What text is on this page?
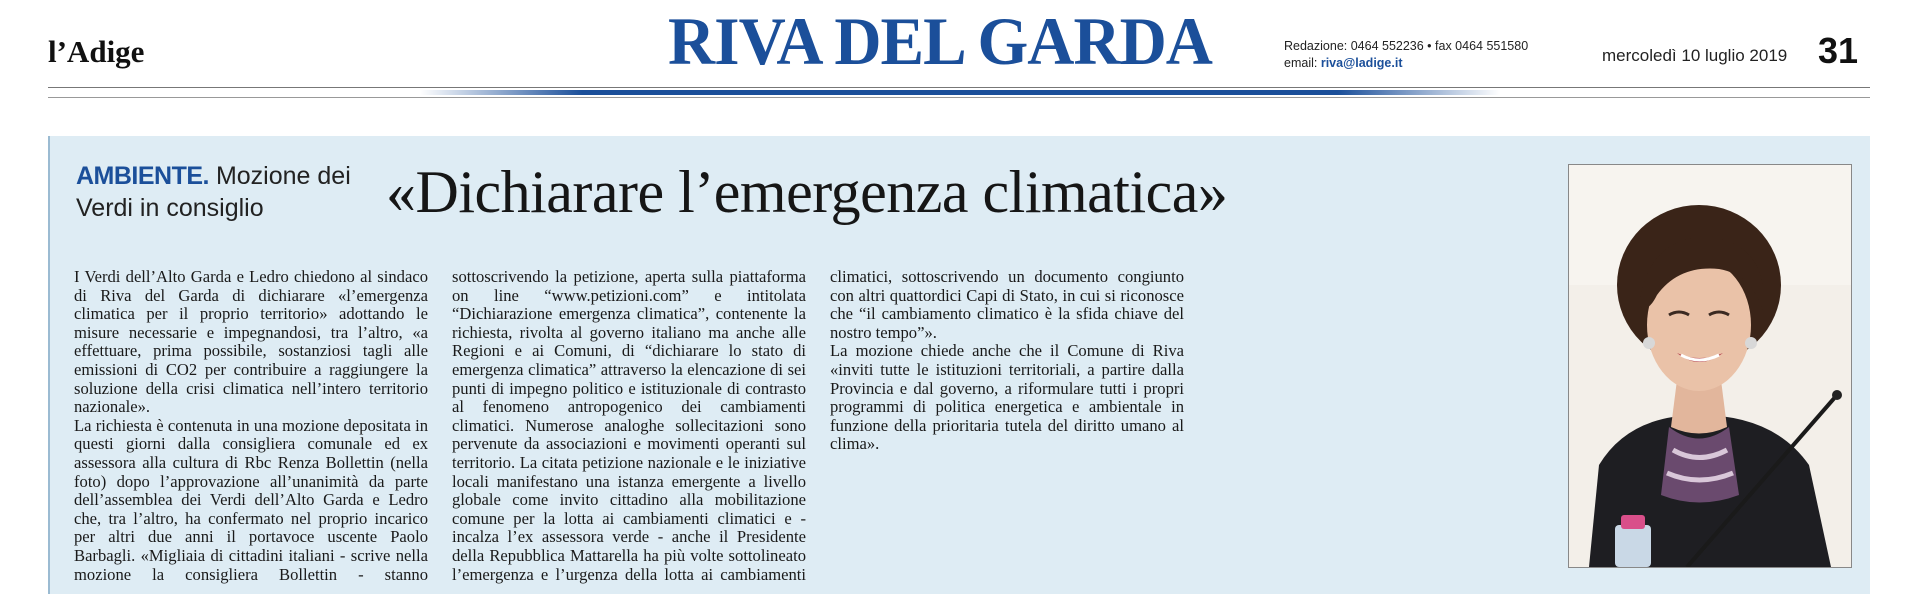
l’Adige	RIVA DEL GARDA	Redazione: 0464 552236 • fax 0464 551580
email: riva@ladige.it	mercoledì 10 luglio 2019 31
AMBIENTE. Mozione dei Verdi in consiglio	«Dichiarare l’emergenza climatica»

I Verdi dell’Alto Garda e Ledro chiedono al sindaco di Riva del Garda di dichiarare «l’emergenza climatica per il proprio territorio» adottando le misure necessarie e impegnandosi, tra l’altro, «a effettuare, prima possibile, sostanziosi tagli alle emissioni di CO2 per contribuire a raggiungere la soluzione della crisi climatica nell’intero territorio nazionale».

La richiesta è contenuta in una mozione depositata in questi giorni dalla consigliera comunale ed ex assessora alla cultura di Rbc Renza Bollettin (nella foto) dopo l’approvazione all’unanimità da parte dell’assemblea dei Verdi dell’Alto Garda e Ledro che, tra l’altro, ha confermato nel proprio incarico per altri due anni il portavoce uscente Paolo Barbagli. «Migliaia di cittadini italiani - scrive nella mozione la consigliera Bollettin - stanno sottoscrivendo la petizione, aperta sulla piattaforma on line “www.petizioni.com” e intitolata “Dichiarazione emergenza climatica”, contenente la richiesta, rivolta al governo italiano ma anche alle Regioni e ai Comuni, di “dichiarare lo stato di emergenza climatica” attraverso la elencazione di sei punti di impegno politico e istituzionale di contrasto al fenomeno antropogenico dei cambiamenti climatici. Numerose analoghe sollecitazioni sono pervenute da associazioni e movimenti operanti sul territorio. La citata petizione nazionale e le iniziative locali manifestano una istanza emergente a livello globale come invito cittadino alla mobilitazione comune per la lotta ai cambiamenti climatici e - incalza l’ex assessora verde - anche il Presidente della Repubblica Mattarella ha più volte sottolineato l’emergenza e l’urgenza della lotta ai cambiamenti climatici, sottoscrivendo un documento congiunto con altri quattordici Capi di Stato, in cui si riconosce che “il cambiamento climatico è la sfida chiave del nostro tempo”».

La mozione chiede anche che il Comune di Riva «inviti tutte le istituzioni territoriali, a partire dalla Provincia e dal governo, a riformulare tutti i propri programmi di politica energetica e ambientale in funzione della prioritaria tutela del diritto umano al clima».
